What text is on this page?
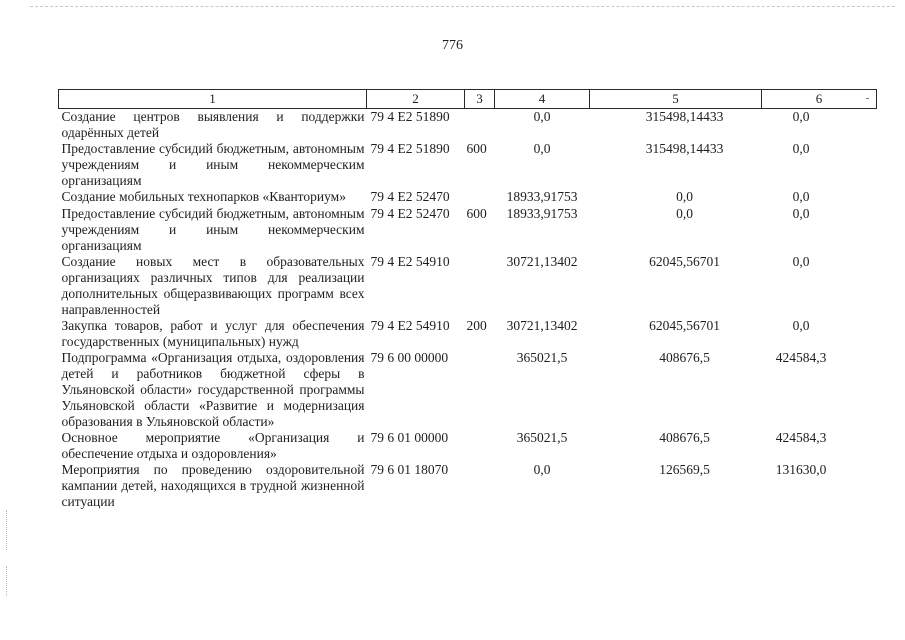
776
1	2	3	4	5	6
Создание центров выявления и поддержки одарённых детей	79 4 E2 51890		0,0	315498,14433	0,0
Предоставление субсидий бюджетным, автономным учреждениям и иным некоммерческим организациям	79 4 E2 51890	600	0,0	315498,14433	0,0
Создание мобильных технопарков «Кванториум»	79 4 E2 52470		18933,91753	0,0	0,0
Предоставление субсидий бюджетным, автономным учреждениям и иным некоммерческим организациям	79 4 E2 52470	600	18933,91753	0,0	0,0
Создание новых мест в образовательных организациях различных типов для реализации дополнительных общеразвивающих программ всех направленностей	79 4 E2 54910		30721,13402	62045,56701	0,0
Закупка товаров, работ и услуг для обеспечения государственных (муниципальных) нужд	79 4 E2 54910	200	30721,13402	62045,56701	0,0
Подпрограмма «Организация отдыха, оздоровления детей и работников бюджетной сферы в Ульяновской области» государственной программы Ульяновской области «Развитие и модернизация образования в Ульяновской области»	79 6 00 00000		365021,5	408676,5	424584,3
Основное мероприятие «Организация и обеспечение отдыха и оздоровления»	79 6 01 00000		365021,5	408676,5	424584,3
Мероприятия по проведению оздоровительной кампании детей, находящихся в трудной жизненной ситуации	79 6 01 18070		0,0	126569,5	131630,0
